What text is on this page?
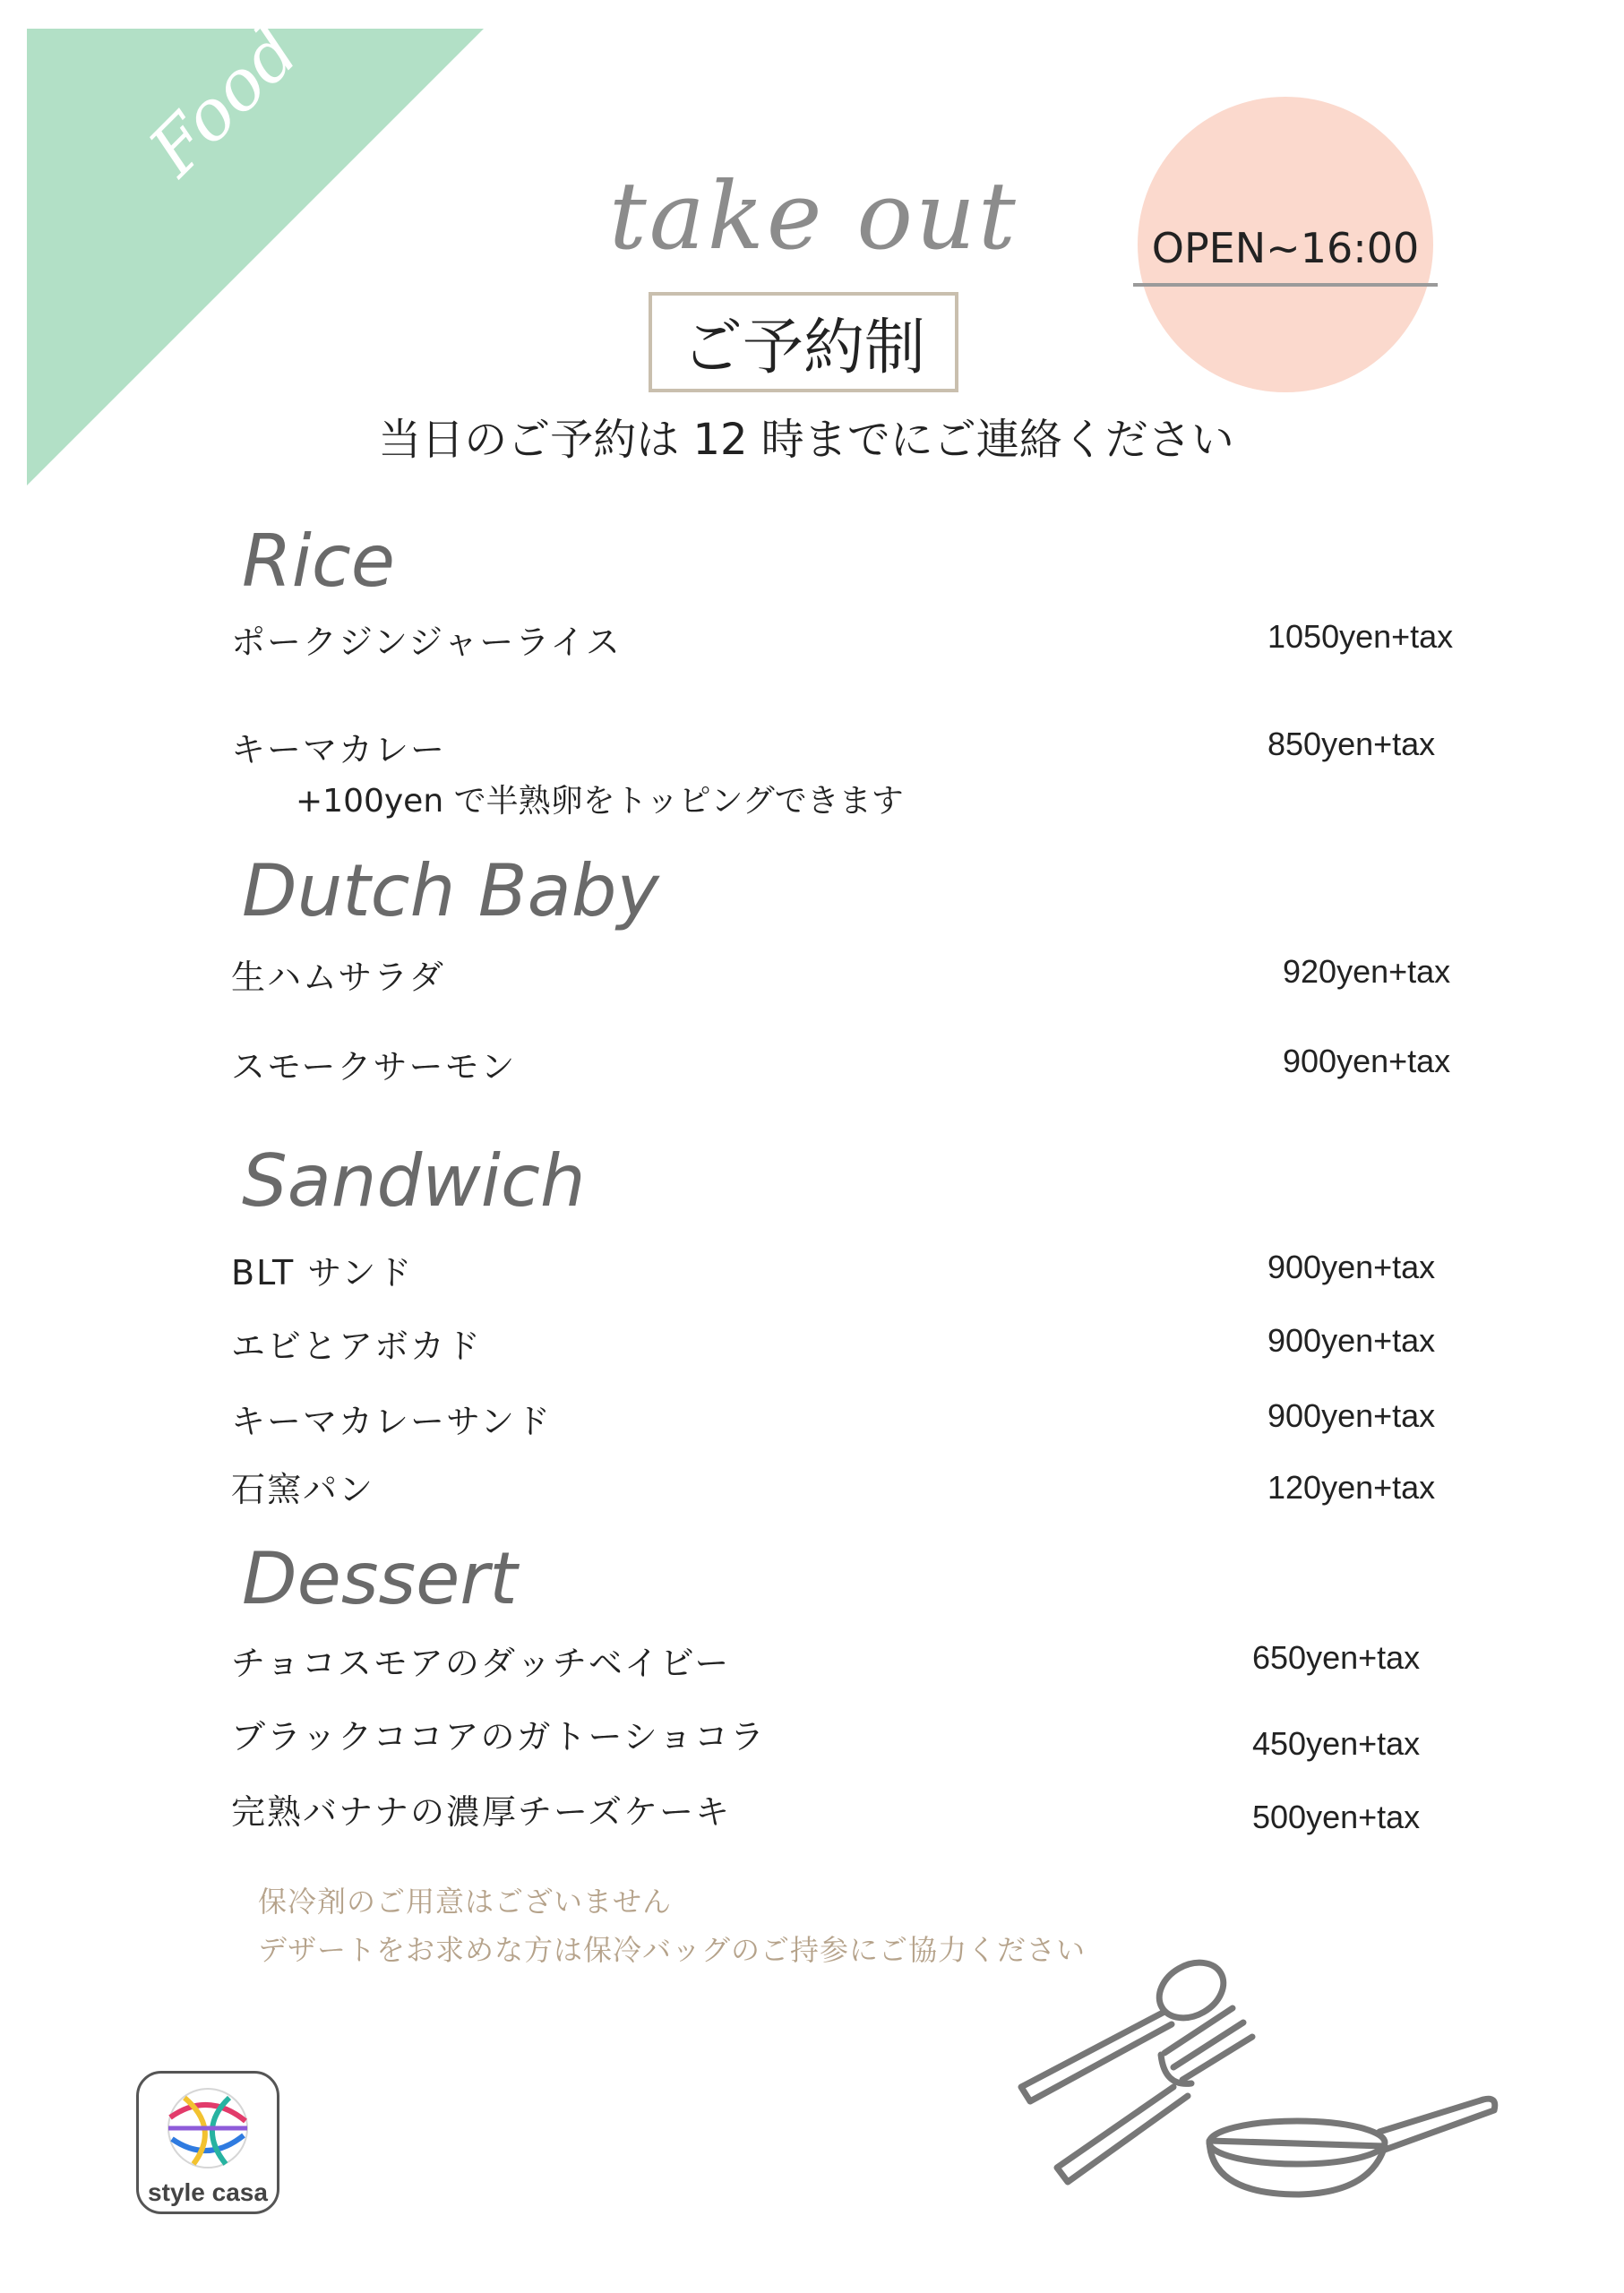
Food
take out	OPEN~16:00
ご予約制
当日のご予約は 12 時までにご連絡ください
Rice
ポークジンジャーライス	1050yen+tax
キーマカレー	850yen+tax
+100yen で半熟卵をトッピングできます
Dutch Baby
生ハムサラダ	920yen+tax
スモークサーモン	900yen+tax
Sandwich
BLT サンド	900yen+tax
エビとアボカド	900yen+tax
キーマカレーサンド	900yen+tax
石窯パン	120yen+tax
Dessert
チョコスモアのダッチベイビー	650yen+tax
ブラックココアのガトーショコラ	450yen+tax
完熟バナナの濃厚チーズケーキ	500yen+tax
保冷剤のご用意はございません
デザートをお求めな方は保冷バッグのご持参にご協力ください
style casa
